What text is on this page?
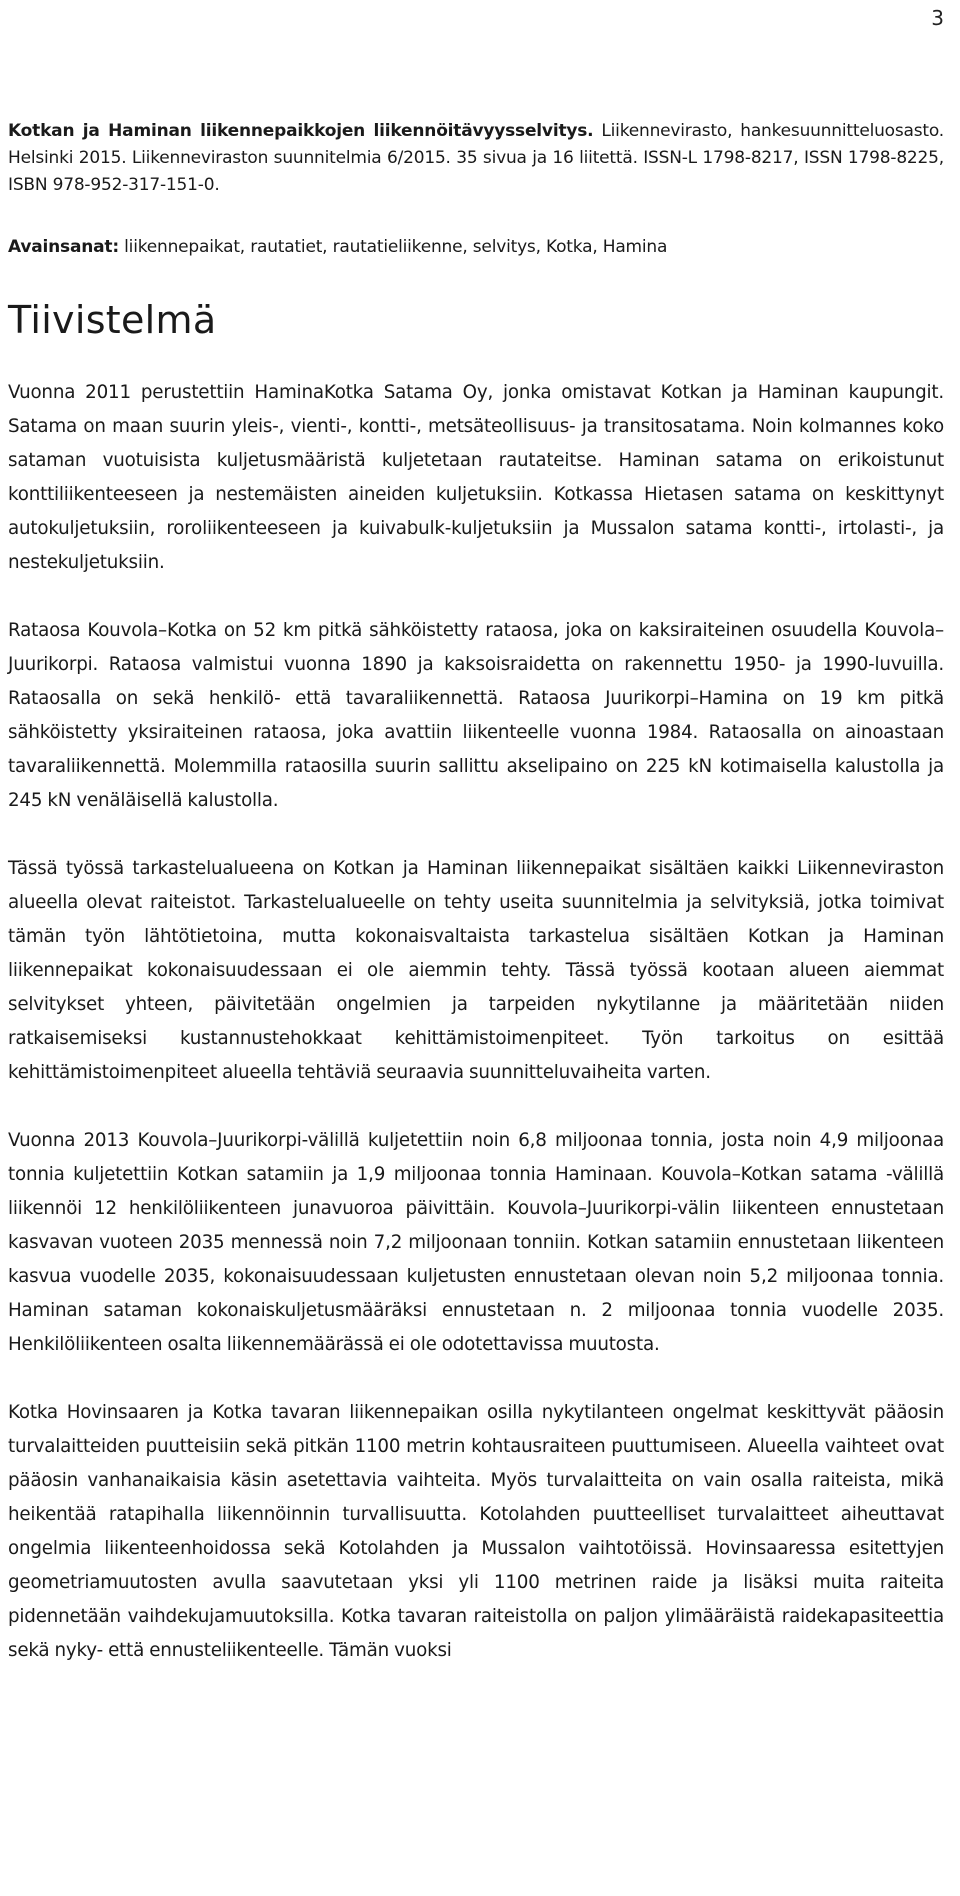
3

Kotkan ja Haminan liikennepaikkojen liikennöitävyysselvitys. Liikennevirasto, hankesuunnitteluosasto. Helsinki 2015. Liikenneviraston suunnitelmia 6/2015. 35 sivua ja 16 liitettä. ISSN-L 1798-8217, ISSN 1798-8225, ISBN 978-952-317-151-0.

Avainsanat: liikennepaikat, rautatiet, rautatieliikenne, selvitys, Kotka, Hamina

Tiivistelmä

Vuonna 2011 perustettiin HaminaKotka Satama Oy, jonka omistavat Kotkan ja Haminan kaupungit. Satama on maan suurin yleis-, vienti-, kontti-, metsäteollisuus- ja transitosatama. Noin kolmannes koko sataman vuotuisista kuljetusmääristä kuljetetaan rautateitse. Haminan satama on erikoistunut konttiliikenteeseen ja nestemäisten aineiden kuljetuksiin. Kotkassa Hietasen satama on keskittynyt autokuljetuksiin, roroliikenteeseen ja kuivabulk-kuljetuksiin ja Mussalon satama kontti-, irtolasti-, ja nestekuljetuksiin.

Rataosa Kouvola–Kotka on 52 km pitkä sähköistetty rataosa, joka on kaksiraiteinen osuudella Kouvola–Juurikorpi. Rataosa valmistui vuonna 1890 ja kaksoisraidetta on rakennettu 1950- ja 1990-luvuilla. Rataosalla on sekä henkilö- että tavaraliikennettä. Rataosa Juurikorpi–Hamina on 19 km pitkä sähköistetty yksiraiteinen rataosa, joka avattiin liikenteelle vuonna 1984. Rataosalla on ainoastaan tavaraliikennettä. Molemmilla rataosilla suurin sallittu akselipaino on 225 kN kotimaisella kalustolla ja 245 kN venäläisellä kalustolla.

Tässä työssä tarkastelualueena on Kotkan ja Haminan liikennepaikat sisältäen kaikki Liikenneviraston alueella olevat raiteistot. Tarkastelualueelle on tehty useita suunnitelmia ja selvityksiä, jotka toimivat tämän työn lähtötietoina, mutta kokonaisvaltaista tarkastelua sisältäen Kotkan ja Haminan liikennepaikat kokonaisuudessaan ei ole aiemmin tehty. Tässä työssä kootaan alueen aiemmat selvitykset yhteen, päivitetään ongelmien ja tarpeiden nykytilanne ja määritetään niiden ratkaisemiseksi kustannustehokkaat kehittämistoimenpiteet. Työn tarkoitus on esittää kehittämistoimenpiteet alueella tehtäviä seuraavia suunnitteluvaiheita varten.

Vuonna 2013 Kouvola–Juurikorpi-välillä kuljetettiin noin 6,8 miljoonaa tonnia, josta noin 4,9 miljoonaa tonnia kuljetettiin Kotkan satamiin ja 1,9 miljoonaa tonnia Haminaan. Kouvola–Kotkan satama -välillä liikennöi 12 henkilöliikenteen junavuoroa päivittäin. Kouvola–Juurikorpi-välin liikenteen ennustetaan kasvavan vuoteen 2035 mennessä noin 7,2 miljoonaan tonniin. Kotkan satamiin ennustetaan liikenteen kasvua vuodelle 2035, kokonaisuudessaan kuljetusten ennustetaan olevan noin 5,2 miljoonaa tonnia. Haminan sataman kokonaiskuljetusmääräksi ennustetaan n. 2 miljoonaa tonnia vuodelle 2035. Henkilöliikenteen osalta liikennemäärässä ei ole odotettavissa muutosta.

Kotka Hovinsaaren ja Kotka tavaran liikennepaikan osilla nykytilanteen ongelmat keskittyvät pääosin turvalaitteiden puutteisiin sekä pitkän 1100 metrin kohtausraiteen puuttumiseen. Alueella vaihteet ovat pääosin vanhanaikaisia käsin asetettavia vaihteita. Myös turvalaitteita on vain osalla raiteista, mikä heikentää ratapihalla liikennöinnin turvallisuutta. Kotolahden puutteelliset turvalaitteet aiheuttavat ongelmia liikenteenhoidossa sekä Kotolahden ja Mussalon vaihtotöissä. Hovinsaaressa esitettyjen geometriamuutosten avulla saavutetaan yksi yli 1100 metrinen raide ja lisäksi muita raiteita pidennetään vaihdekujamuutoksilla. Kotka tavaran raiteistolla on paljon ylimääräistä raidekapasiteettia sekä nyky- että ennusteliikenteelle. Tämän vuoksi
